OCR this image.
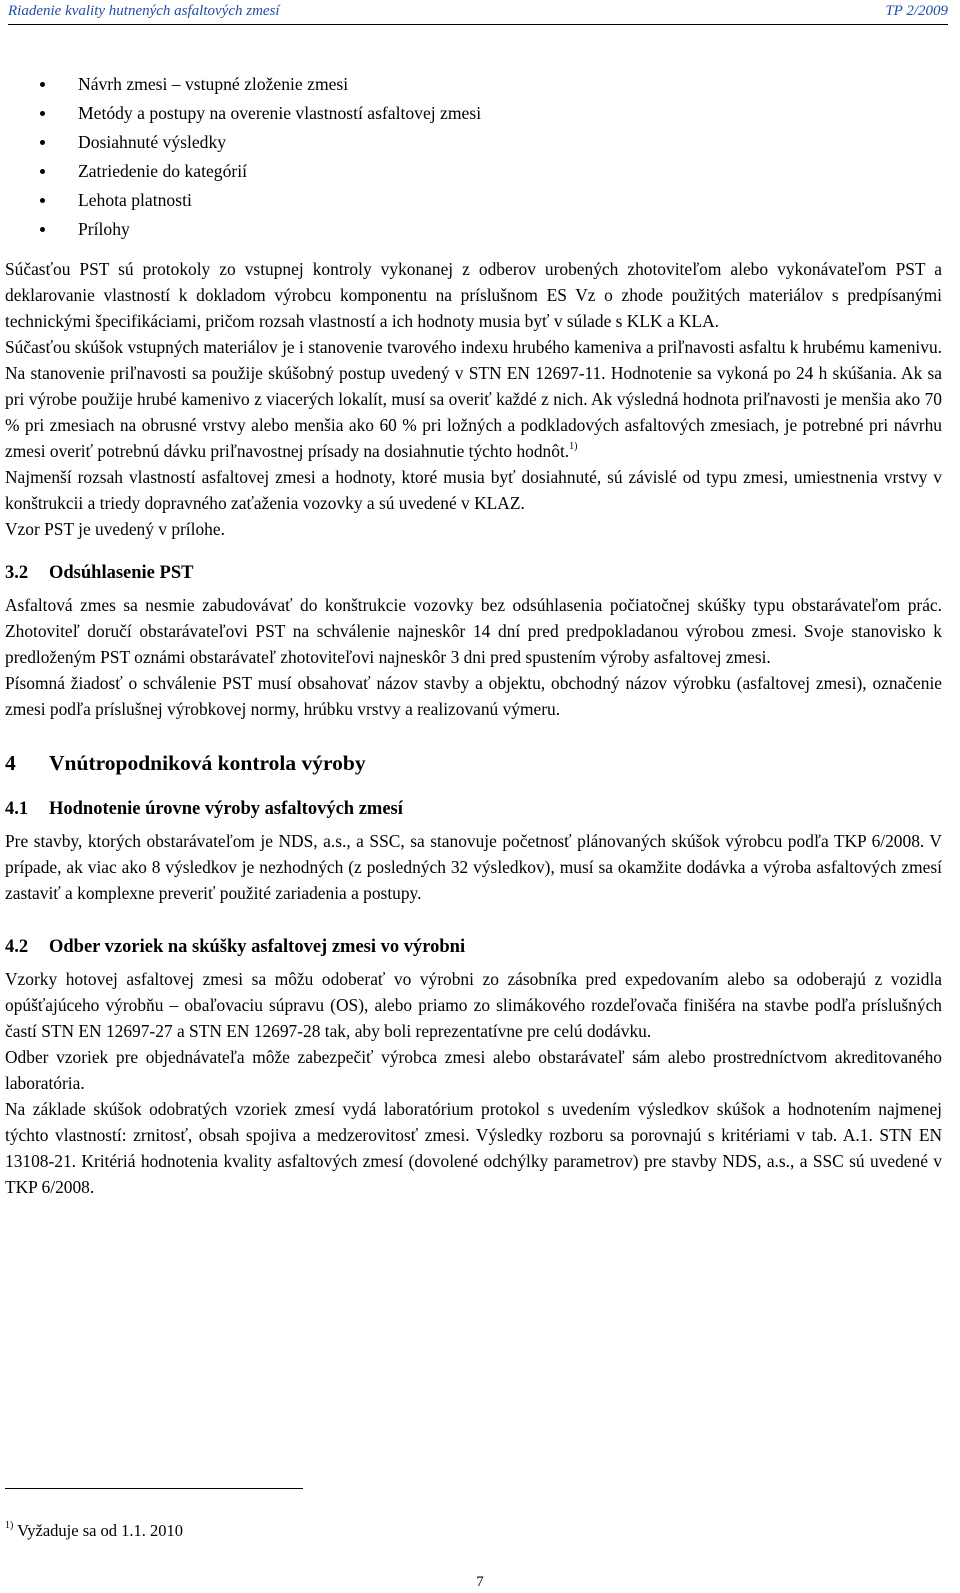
Riadenie kvality hutnených asfaltových zmesí	TP 2/2009
Návrh zmesi – vstupné zloženie zmesi
Metódy a postupy na overenie vlastností asfaltovej zmesi
Dosiahnuté výsledky
Zatriedenie do kategórií
Lehota platnosti
Prílohy

Súčasťou PST sú protokoly zo vstupnej kontroly vykonanej z odberov urobených zhotoviteľom alebo vykonávateľom PST a deklarovanie vlastností k dokladom výrobcu komponentu na príslušnom ES Vz o zhode použitých materiálov s predpísanými technickými špecifikáciami, pričom rozsah vlastností a ich hodnoty musia byť v súlade s KLK a KLA.

Súčasťou skúšok vstupných materiálov je i stanovenie tvarového indexu hrubého kameniva a priľnavosti asfaltu k hrubému kamenivu. Na stanovenie priľnavosti sa použije skúšobný postup uvedený v STN EN 12697-11. Hodnotenie sa vykoná po 24 h skúšania. Ak sa pri výrobe použije hrubé kamenivo z viacerých lokalít, musí sa overiť každé z nich. Ak výsledná hodnota priľnavosti je menšia ako 70 % pri zmesiach na obrusné vrstvy alebo menšia ako 60 % pri ložných a podkladových asfaltových zmesiach, je potrebné pri návrhu zmesi overiť potrebnú dávku priľnavostnej prísady na dosiahnutie týchto hodnôt.$^{1)}$

Najmenší rozsah vlastností asfaltovej zmesi a hodnoty, ktoré musia byť dosiahnuté, sú závislé od typu zmesi, umiestnenia vrstvy v konštrukcii a triedy dopravného zaťaženia vozovky a sú uvedené v KLAZ.

Vzor PST je uvedený v prílohe.

3.2 Odsúhlasenie PST

Asfaltová zmes sa nesmie zabudovávať do konštrukcie vozovky bez odsúhlasenia počiatočnej skúšky typu obstarávateľom prác. Zhotoviteľ doručí obstarávateľovi PST na schválenie najneskôr 14 dní pred predpokladanou výrobou zmesi. Svoje stanovisko k predloženým PST oznámi obstarávateľ zhotoviteľovi najneskôr 3 dni pred spustením výroby asfaltovej zmesi.

Písomná žiadosť o schválenie PST musí obsahovať názov stavby a objektu, obchodný názov výrobku (asfaltovej zmesi), označenie zmesi podľa príslušnej výrobkovej normy, hrúbku vrstvy a realizovanú výmeru.

4 Vnútropodniková kontrola výroby
4.1 Hodnotenie úrovne výroby asfaltových zmesí

Pre stavby, ktorých obstarávateľom je NDS, a.s., a SSC, sa stanovuje početnosť plánovaných skúšok výrobcu podľa TKP 6/2008. V prípade, ak viac ako 8 výsledkov je nezhodných (z posledných 32 výsledkov), musí sa okamžite dodávka a výroba asfaltových zmesí zastaviť a komplexne preveriť použité zariadenia a postupy.

4.2 Odber vzoriek na skúšky asfaltovej zmesi vo výrobni

Vzorky hotovej asfaltovej zmesi sa môžu odoberať vo výrobni zo zásobníka pred expedovaním alebo sa odoberajú z vozidla opúšťajúceho výrobňu – obaľovaciu súpravu (OS), alebo priamo zo slimákového rozdeľovača finišéra na stavbe podľa príslušných častí STN EN 12697-27 a STN EN 12697-28 tak, aby boli reprezentatívne pre celú dodávku.

Odber vzoriek pre objednávateľa môže zabezpečiť výrobca zmesi alebo obstarávateľ sám alebo prostredníctvom akreditovaného laboratória.

Na základe skúšok odobratých vzoriek zmesí vydá laboratórium protokol s uvedením výsledkov skúšok a hodnotením najmenej týchto vlastností: zrnitosť, obsah spojiva a medzerovitosť zmesi. Výsledky rozboru sa porovnajú s kritériami v tab. A.1. STN EN 13108-21. Kritériá hodnotenia kvality asfaltových zmesí (dovolené odchýlky parametrov) pre stavby NDS, a.s., a SSC sú uvedené v TKP 6/2008.

$^{1)}$ Vyžaduje sa od 1.1. 2010
7
